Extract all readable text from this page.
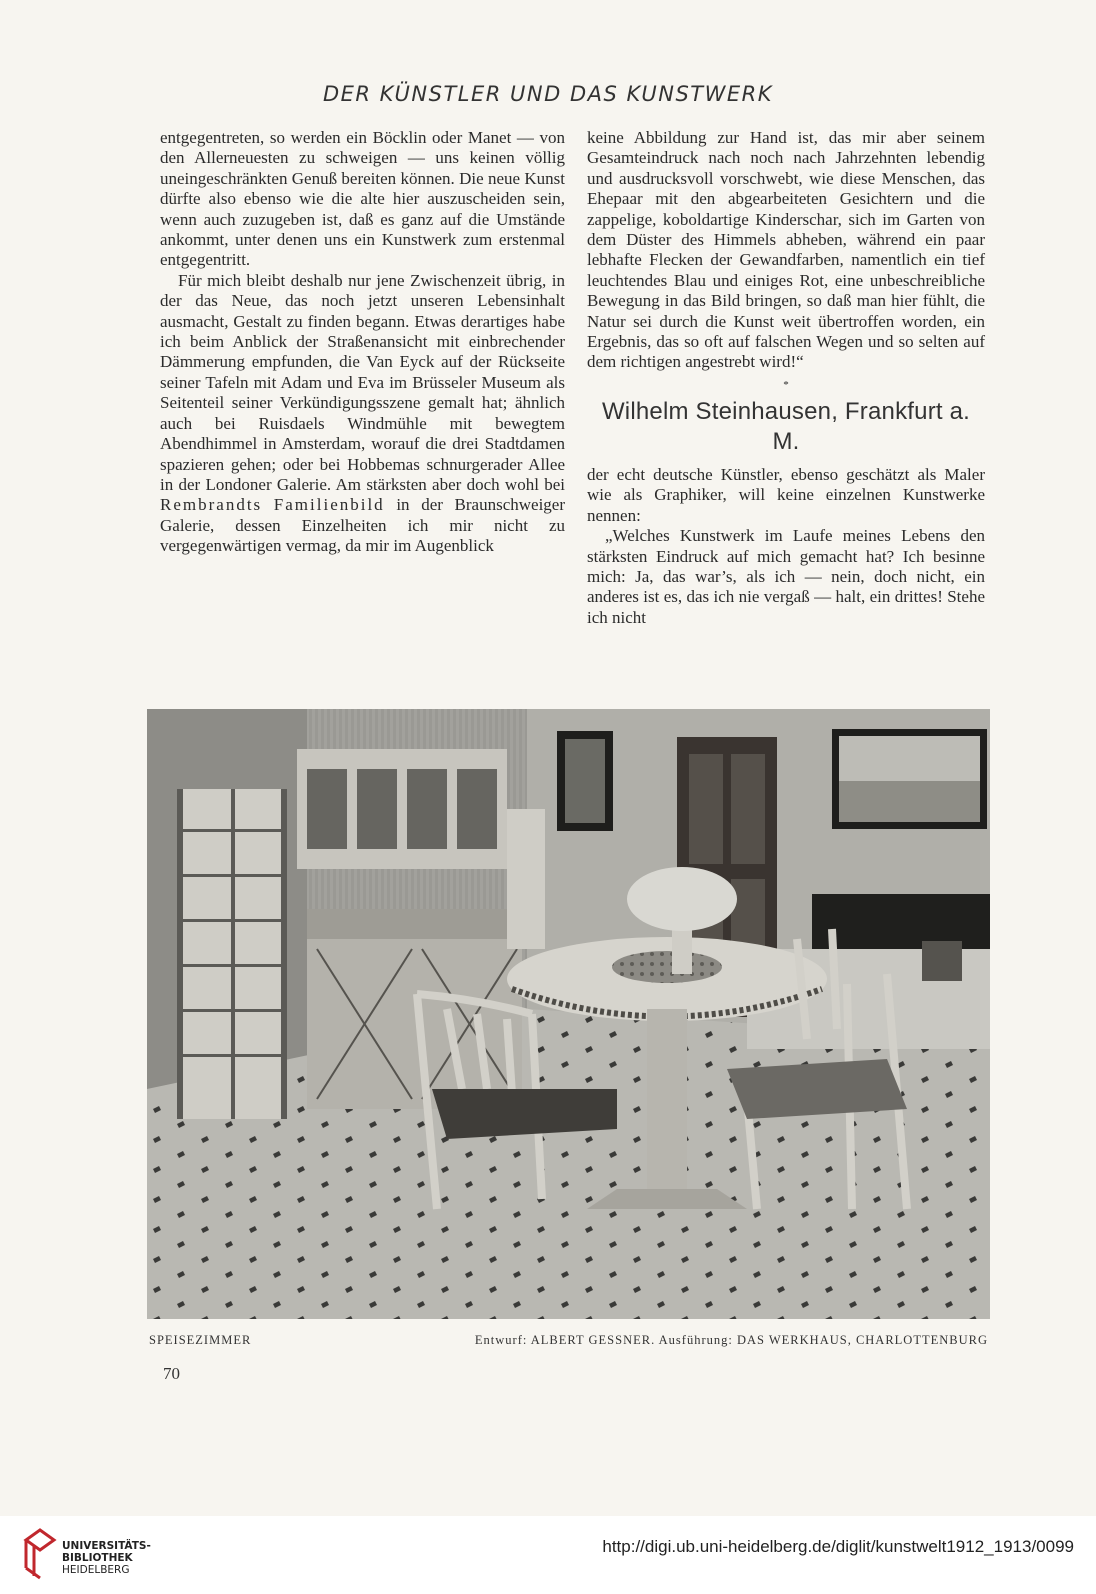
DER KÜNSTLER UND DAS KUNSTWERK

entgegentreten, so werden ein Böcklin oder Manet — von den Allerneuesten zu schweigen — uns keinen völlig uneingeschränkten Genuß bereiten können. Die neue Kunst dürfte also ebenso wie die alte hier auszuscheiden sein, wenn auch zuzugeben ist, daß es ganz auf die Umstände ankommt, unter denen uns ein Kunstwerk zum erstenmal entgegentritt.

Für mich bleibt deshalb nur jene Zwischenzeit übrig, in der das Neue, das noch jetzt unseren Lebensinhalt ausmacht, Gestalt zu finden begann. Etwas derartiges habe ich beim Anblick der Straßenansicht mit einbrechender Dämmerung empfunden, die Van Eyck auf der Rückseite seiner Tafeln mit Adam und Eva im Brüsseler Museum als Seitenteil seiner Verkündigungsszene gemalt hat; ähnlich auch bei Ruisdaels Windmühle mit bewegtem Abendhimmel in Amsterdam, worauf die drei Stadtdamen spazieren gehen; oder bei Hobbemas schnurgerader Allee in der Londoner Galerie. Am stärksten aber doch wohl bei Rembrandts Familienbild in der Braunschweiger Galerie, dessen Einzelheiten ich mir nicht zu vergegenwärtigen vermag, da mir im Augenblick

keine Abbildung zur Hand ist, das mir aber seinem Gesamteindruck nach noch nach Jahrzehnten lebendig und ausdrucksvoll vorschwebt, wie diese Menschen, das Ehepaar mit den abgearbeiteten Gesichtern und die zappelige, koboldartige Kinderschar, sich im Garten von dem Düster des Himmels abheben, während ein paar lebhafte Flecken der Gewandfarben, namentlich ein tief leuchtendes Blau und einiges Rot, eine unbeschreibliche Bewegung in das Bild bringen, so daß man hier fühlt, die Natur sei durch die Kunst weit übertroffen worden, ein Ergebnis, das so oft auf falschen Wegen und so selten auf dem richtigen angestrebt wird!“

*
Wilhelm Steinhausen, Frankfurt a. M.

der echt deutsche Künstler, ebenso geschätzt als Maler wie als Graphiker, will keine einzelnen Kunstwerke nennen:

„Welches Kunstwerk im Laufe meines Lebens den stärksten Eindruck auf mich gemacht hat? Ich besinne mich: Ja, das war’s, als ich — nein, doch nicht, ein anderes ist es, das ich nie vergaß — halt, ein drittes! Stehe ich nicht

SPEISEZIMMER	Entwurf: ALBERT GESSNER. Ausführung: DAS WERKHAUS, CHARLOTTENBURG
70
UNIVERSITÄTS-
BIBLIOTHEK
HEIDELBERG
http://digi.ub.uni-heidelberg.de/diglit/kunstwelt1912_1913/0099
